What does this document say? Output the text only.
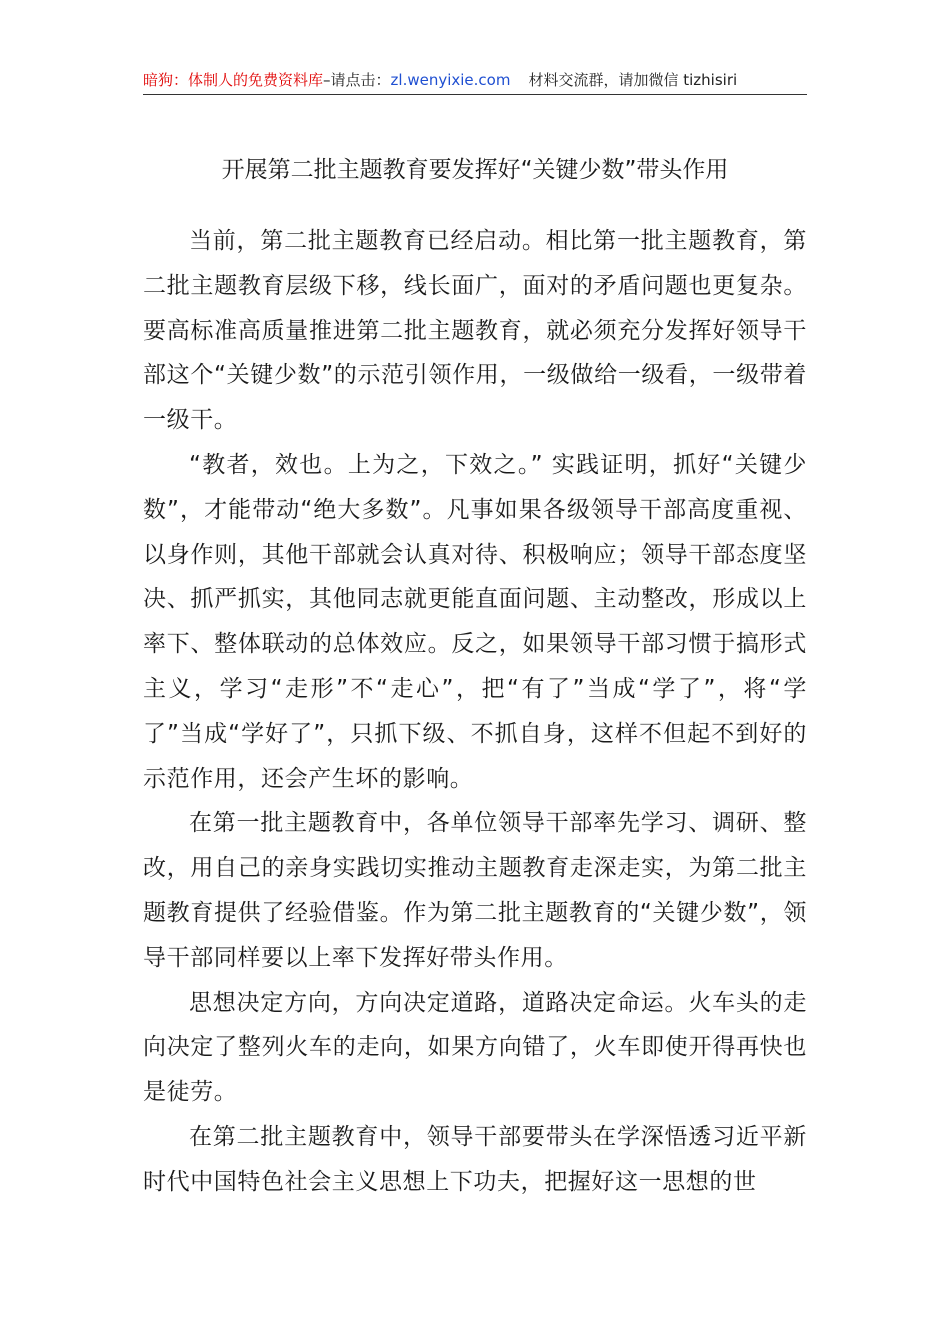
暗狗：体制人的免费资料库–请点击：zl.wenyixie.com 材料交流群，请加微信 tizhisiri
开展第二批主题教育要发挥好“关键少数”带头作用

当前，第二批主题教育已经启动。相比第一批主题教育，第二批主题教育层级下移，线长面广，面对的矛盾问题也更复杂。要高标准高质量推进第二批主题教育，就必须充分发挥好领导干部这个“关键少数”的示范引领作用，一级做给一级看，一级带着一级干。

“教者，效也。上为之，下效之。” 实践证明，抓好“关键少数”，才能带动“绝大多数”。凡事如果各级领导干部高度重视、以身作则，其他干部就会认真对待、积极响应；领导干部态度坚决、抓严抓实，其他同志就更能直面问题、主动整改，形成以上率下、整体联动的总体效应。反之，如果领导干部习惯于搞形式主义，学习“走形”不“走心”，把“有了”当成“学了”，将“学了”当成“学好了”，只抓下级、不抓自身，这样不但起不到好的示范作用，还会产生坏的影响。

在第一批主题教育中，各单位领导干部率先学习、调研、整改，用自己的亲身实践切实推动主题教育走深走实，为第二批主题教育提供了经验借鉴。作为第二批主题教育的“关键少数”，领导干部同样要以上率下发挥好带头作用。

思想决定方向，方向决定道路，道路决定命运。火车头的走向决定了整列火车的走向，如果方向错了，火车即使开得再快也是徒劳。

在第二批主题教育中，领导干部要带头在学深悟透习近平新时代中国特色社会主义思想上下功夫，把握好这一思想的世
